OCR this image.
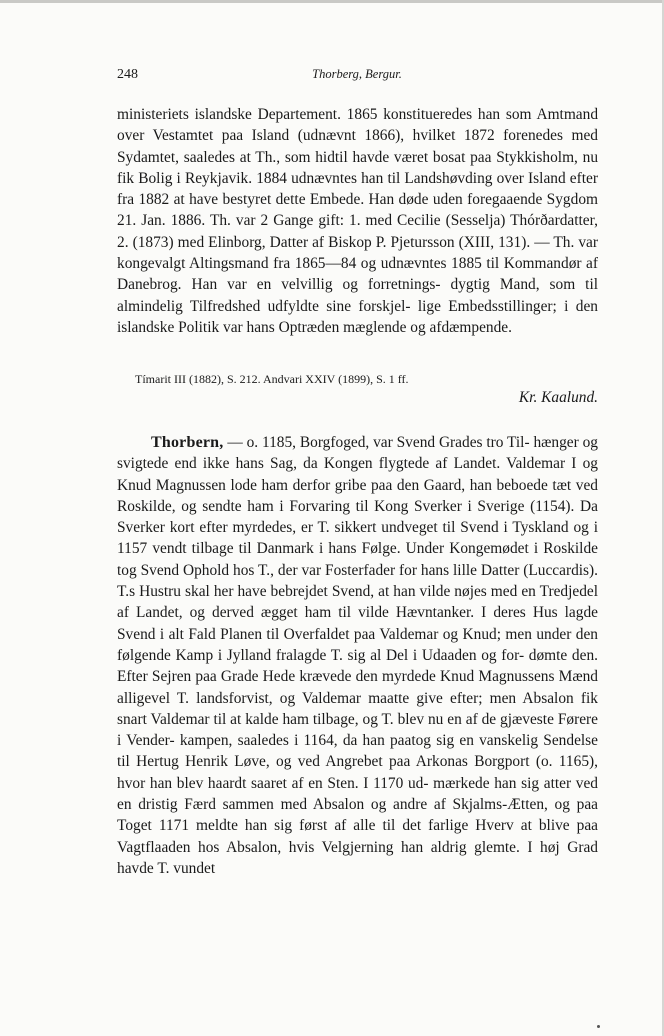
248	Thorberg, Bergur.

ministeriets islandske Departement. 1865 konstitueredes han som Amtmand over Vestamtet paa Island (udnævnt 1866), hvilket 1872 forenedes med Sydamtet, saaledes at Th., som hidtil havde været bosat paa Stykkisholm, nu fik Bolig i Reykjavik. 1884 udnævntes han til Landshøvding over Island efter fra 1882 at have bestyret dette Embede. Han døde uden foregaaende Sygdom 21. Jan. 1886. Th. var 2 Gange gift: 1. med Cecilie (Sesselja) Thórðardatter, 2. (1873) med Elinborg, Datter af Biskop P. Pjetursson (XIII, 131). — Th. var kongevalgt Altingsmand fra 1865—84 og udnævntes 1885 til Kommandør af Danebrog. Han var en velvillig og forretnings- dygtig Mand, som til almindelig Tilfredshed udfyldte sine forskjel- lige Embedsstillinger; i den islandske Politik var hans Optræden mæglende og afdæmpende.

Tímarit III (1882), S. 212. Andvari XXIV (1899), S. 1 ff.
Kr. Kaalund.

Thorbern, — o. 1185, Borgfoged, var Svend Grades tro Til- hænger og svigtede end ikke hans Sag, da Kongen flygtede af Landet. Valdemar I og Knud Magnussen lode ham derfor gribe paa den Gaard, han beboede tæt ved Roskilde, og sendte ham i Forvaring til Kong Sverker i Sverige (1154). Da Sverker kort efter myrdedes, er T. sikkert undveget til Svend i Tyskland og i 1157 vendt tilbage til Danmark i hans Følge. Under Kongemødet i Roskilde tog Svend Ophold hos T., der var Fosterfader for hans lille Datter (Luccardis). T.s Hustru skal her have bebrejdet Svend, at han vilde nøjes med en Tredjedel af Landet, og derved ægget ham til vilde Hævntanker. I deres Hus lagde Svend i alt Fald Planen til Overfaldet paa Valdemar og Knud; men under den følgende Kamp i Jylland fralagde T. sig al Del i Udaaden og for- dømte den. Efter Sejren paa Grade Hede krævede den myrdede Knud Magnussens Mænd alligevel T. landsforvist, og Valdemar maatte give efter; men Absalon fik snart Valdemar til at kalde ham tilbage, og T. blev nu en af de gjæveste Førere i Vender- kampen, saaledes i 1164, da han paatog sig en vanskelig Sendelse til Hertug Henrik Løve, og ved Angrebet paa Arkonas Borgport (o. 1165), hvor han blev haardt saaret af en Sten. I 1170 ud- mærkede han sig atter ved en dristig Færd sammen med Absalon og andre af Skjalms-Ætten, og paa Toget 1171 meldte han sig først af alle til det farlige Hverv at blive paa Vagtflaaden hos Absalon, hvis Velgjerning han aldrig glemte. I høj Grad havde T. vundet
